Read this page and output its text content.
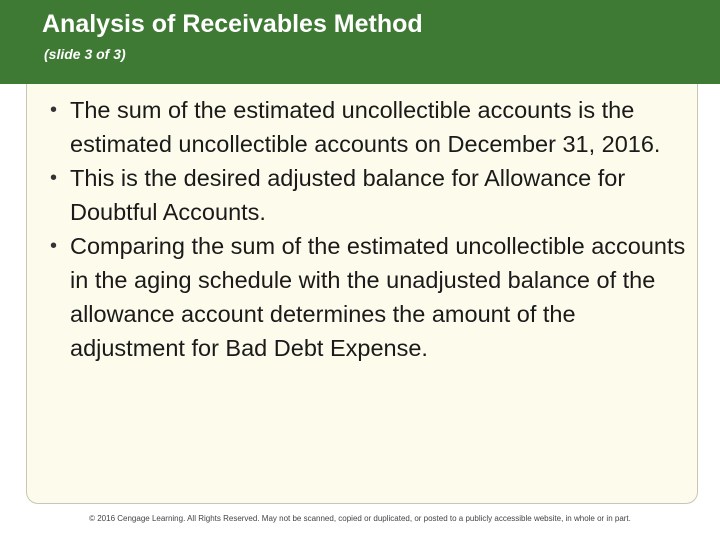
Analysis of Receivables Method
(slide 3 of 3)
• The sum of the estimated uncollectible accounts is the estimated uncollectible accounts on December 31, 2016.
• This is the desired adjusted balance for Allowance for Doubtful Accounts.
• Comparing the sum of the estimated uncollectible accounts in the aging schedule with the unadjusted balance of the allowance account determines the amount of the adjustment for Bad Debt Expense.
© 2016 Cengage Learning. All Rights Reserved. May not be scanned, copied or duplicated, or posted to a publicly accessible website, in whole or in part.
